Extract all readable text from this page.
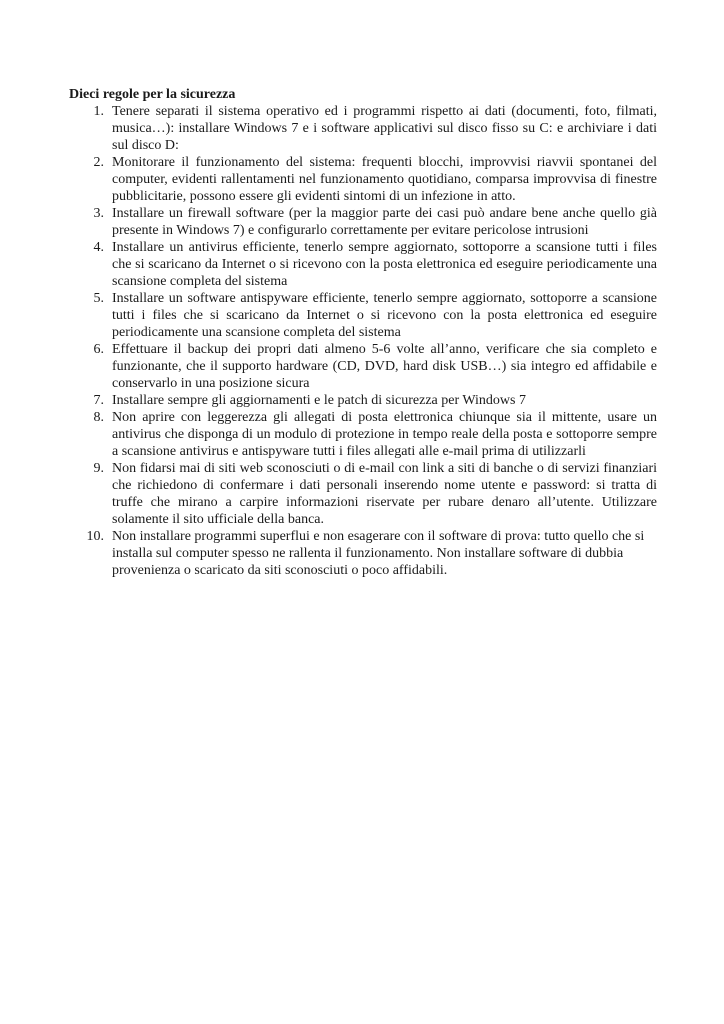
Dieci regole per la sicurezza
1. Tenere separati il sistema operativo ed i programmi rispetto ai dati (documenti, foto, filmati, musica…): installare Windows 7 e i software applicativi sul disco fisso su C: e archiviare i dati sul disco D:
2. Monitorare il funzionamento del sistema: frequenti blocchi, improvvisi riavvii spontanei del computer, evidenti rallentamenti nel funzionamento quotidiano, comparsa improvvisa di finestre pubblicitarie, possono essere gli evidenti sintomi di un infezione in atto.
3. Installare un firewall software (per la maggior parte dei casi può andare bene anche quello già presente in Windows 7) e configurarlo correttamente per evitare pericolose intrusioni
4. Installare un antivirus efficiente, tenerlo sempre aggiornato, sottoporre a scansione tutti i files che si scaricano da Internet o si ricevono con la posta elettronica ed eseguire periodicamente una scansione completa del sistema
5. Installare un software antispyware efficiente, tenerlo sempre aggiornato, sottoporre a scansione tutti i files che si scaricano da Internet o si ricevono con la posta elettronica ed eseguire periodicamente una scansione completa del sistema
6. Effettuare il backup dei propri dati almeno 5-6 volte all’anno, verificare che sia completo e funzionante, che il supporto hardware (CD, DVD, hard disk USB…) sia integro ed affidabile e conservarlo in una posizione sicura
7. Installare sempre gli aggiornamenti e le patch di sicurezza per Windows 7
8. Non aprire con leggerezza gli allegati di posta elettronica chiunque sia il mittente, usare un antivirus che disponga di un modulo di protezione in tempo reale della posta e sottoporre sempre a scansione antivirus e antispyware tutti i files allegati alle e-mail prima di utilizzarli
9. Non fidarsi mai di siti web sconosciuti o di e-mail con link a siti di banche o di servizi finanziari che richiedono di confermare i dati personali inserendo nome utente e password: si tratta di truffe che mirano a carpire informazioni riservate per rubare denaro all’utente. Utilizzare solamente il sito ufficiale della banca.
10. Non installare programmi superflui e non esagerare con il software di prova: tutto quello che si installa sul computer spesso ne rallenta il funzionamento. Non installare software di dubbia provenienza o scaricato da siti sconosciuti o poco affidabili.
